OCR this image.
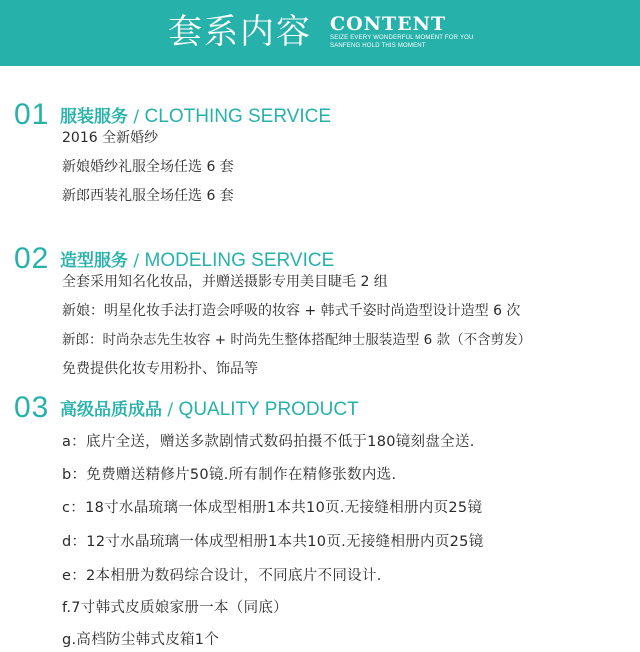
套系内容 CONTENT
SEIZE EVERY WONDERFUL MOMENT FOR YOU
SANFENG HOLD THIS MOMENT
01 服装服务 / CLOTHING SERVICE
2016 全新婚纱
新娘婚纱礼服全场任选 6 套
新郎西装礼服全场任选 6 套
02 造型服务 / MODELING SERVICE
全套采用知名化妆品，并赠送摄影专用美目睫毛 2 组
新娘：明星化妆手法打造会呼吸的妆容 + 韩式千姿时尚造型设计造型 6 次
新郎：时尚杂志先生妆容 + 时尚先生整体搭配绅士服装造型 6 款（不含剪发）
免费提供化妆专用粉扑、饰品等
03 高级品质成品 / QUALITY PRODUCT
a：底片全送，赠送多款剧情式数码拍摄不低于180镜刻盘全送.
b：免费赠送精修片50镜.所有制作在精修张数内选.
c：18寸水晶琉璃一体成型相册1本共10页.无接缝相册内页25镜
d：12寸水晶琉璃一体成型相册1本共10页.无接缝相册内页25镜
e：2本相册为数码综合设计，不同底片不同设计.
f.7寸韩式皮质娘家册一本（同底）
g.高档防尘韩式皮箱1个
